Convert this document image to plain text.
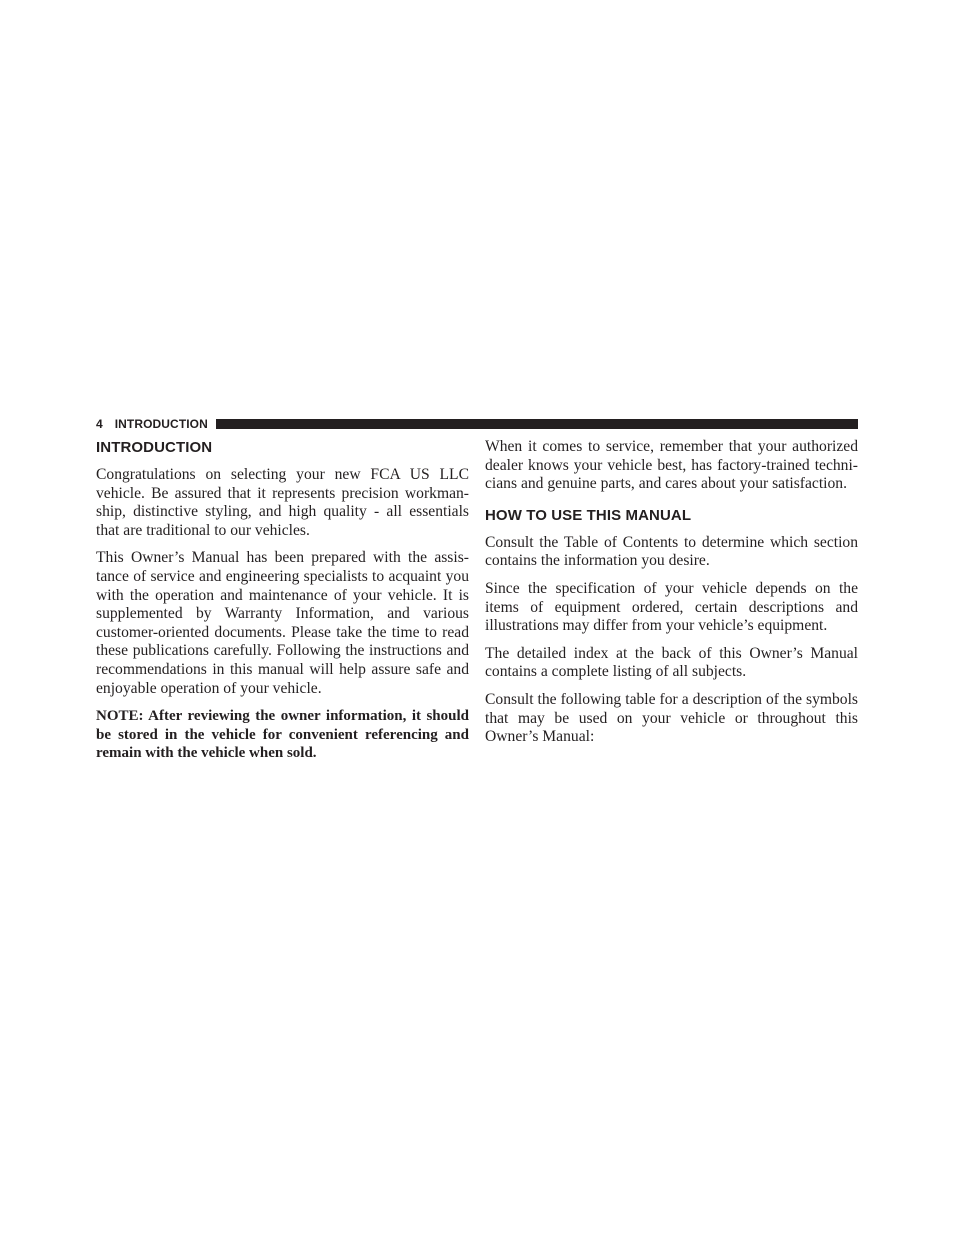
4 INTRODUCTION
INTRODUCTION

Congratulations on selecting your new FCA US LLC vehicle. Be assured that it represents precision workmanship, distinctive styling, and high quality - all essentials that are traditional to our vehicles.

This Owner’s Manual has been prepared with the assistance of service and engineering specialists to acquaint you with the operation and maintenance of your vehicle. It is supplemented by Warranty Information, and various customer-oriented documents. Please take the time to read these publications carefully. Following the instructions and recommendations in this manual will help assure safe and enjoyable operation of your vehicle.

NOTE: After reviewing the owner information, it should be stored in the vehicle for convenient referencing and remain with the vehicle when sold.

When it comes to service, remember that your authorized dealer knows your vehicle best, has factory-trained technicians and genuine parts, and cares about your satisfaction.

HOW TO USE THIS MANUAL

Consult the Table of Contents to determine which section contains the information you desire.

Since the specification of your vehicle depends on the items of equipment ordered, certain descriptions and illustrations may differ from your vehicle’s equipment.

The detailed index at the back of this Owner’s Manual contains a complete listing of all subjects.

Consult the following table for a description of the symbols that may be used on your vehicle or throughout this Owner’s Manual:
